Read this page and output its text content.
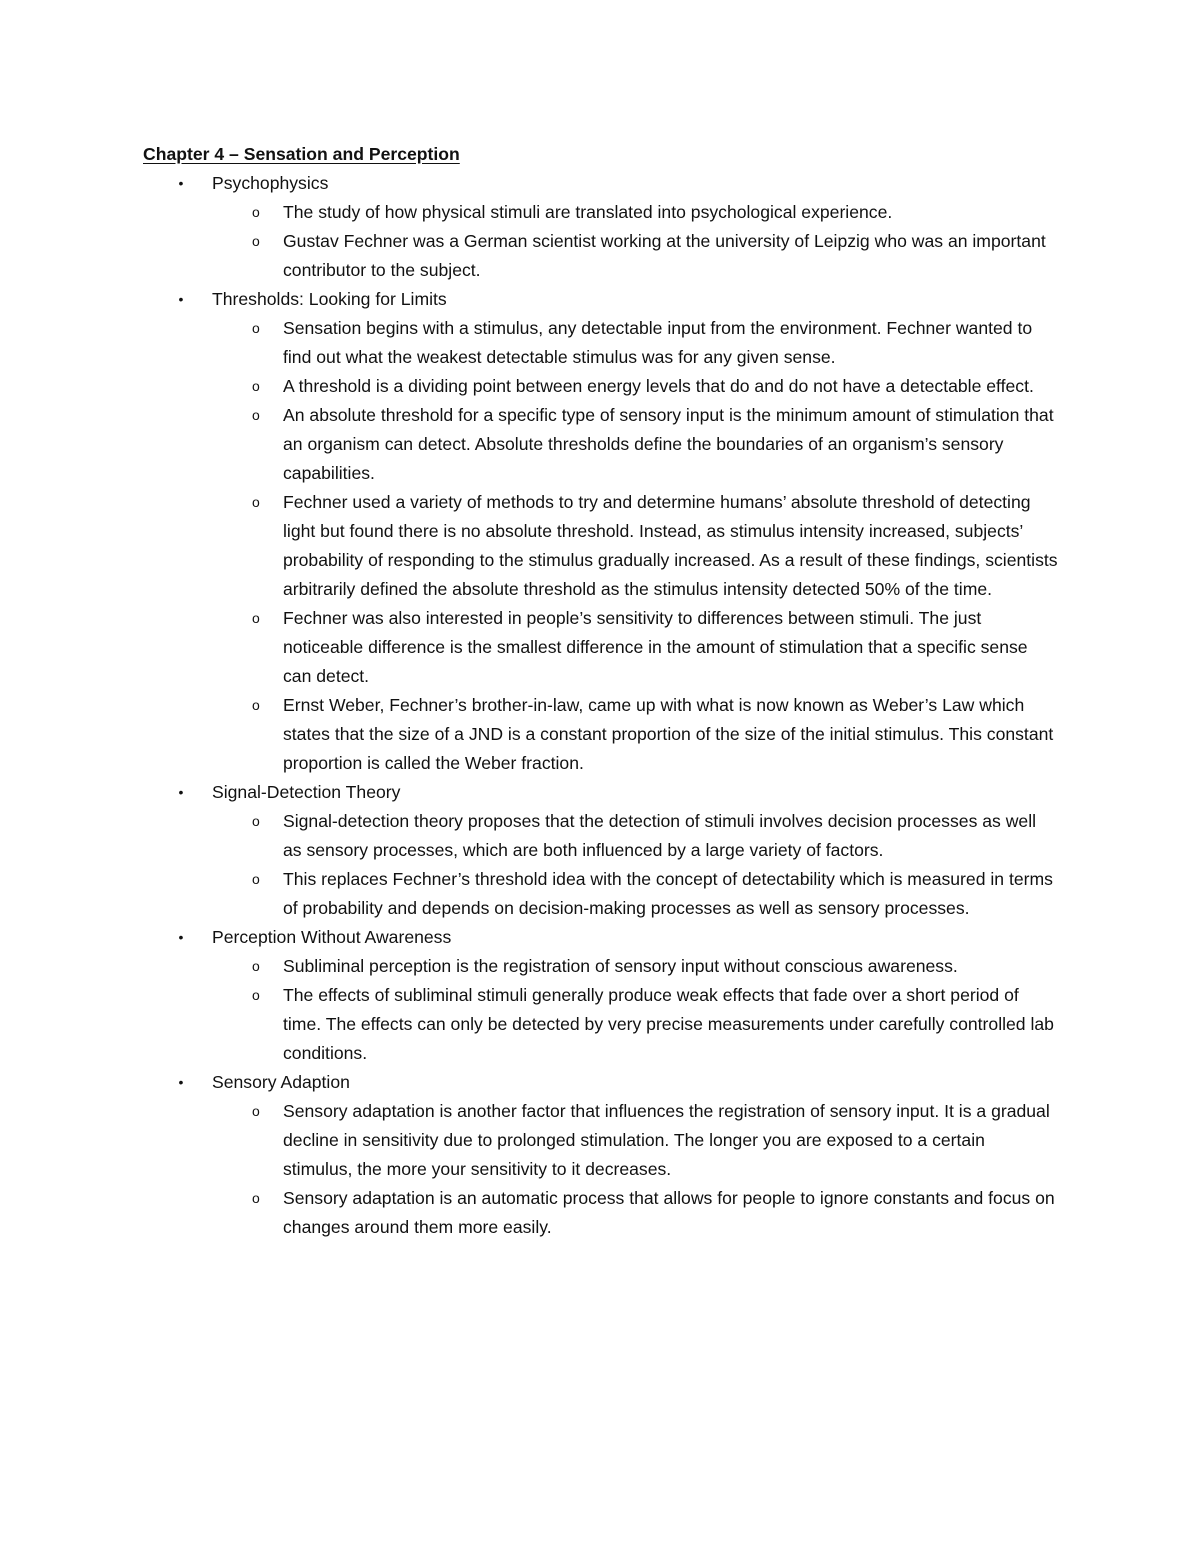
Chapter 4 – Sensation and Perception
• Psychophysics
o The study of how physical stimuli are translated into psychological experience.
o Gustav Fechner was a German scientist working at the university of Leipzig who was an important contributor to the subject.
• Thresholds: Looking for Limits
o Sensation begins with a stimulus, any detectable input from the environment. Fechner wanted to find out what the weakest detectable stimulus was for any given sense.
o A threshold is a dividing point between energy levels that do and do not have a detectable effect.
o An absolute threshold for a specific type of sensory input is the minimum amount of stimulation that an organism can detect. Absolute thresholds define the boundaries of an organism’s sensory capabilities.
o Fechner used a variety of methods to try and determine humans’ absolute threshold of detecting light but found there is no absolute threshold. Instead, as stimulus intensity increased, subjects’ probability of responding to the stimulus gradually increased. As a result of these findings, scientists arbitrarily defined the absolute threshold as the stimulus intensity detected 50% of the time.
o Fechner was also interested in people’s sensitivity to differences between stimuli. The just noticeable difference is the smallest difference in the amount of stimulation that a specific sense can detect.
o Ernst Weber, Fechner’s brother-in-law, came up with what is now known as Weber’s Law which states that the size of a JND is a constant proportion of the size of the initial stimulus. This constant proportion is called the Weber fraction.
• Signal-Detection Theory
o Signal-detection theory proposes that the detection of stimuli involves decision processes as well as sensory processes, which are both influenced by a large variety of factors.
o This replaces Fechner’s threshold idea with the concept of detectability which is measured in terms of probability and depends on decision-making processes as well as sensory processes.
• Perception Without Awareness
o Subliminal perception is the registration of sensory input without conscious awareness.
o The effects of subliminal stimuli generally produce weak effects that fade over a short period of time. The effects can only be detected by very precise measurements under carefully controlled lab conditions.
• Sensory Adaption
o Sensory adaptation is another factor that influences the registration of sensory input. It is a gradual decline in sensitivity due to prolonged stimulation. The longer you are exposed to a certain stimulus, the more your sensitivity to it decreases.
o Sensory adaptation is an automatic process that allows for people to ignore constants and focus on changes around them more easily.
